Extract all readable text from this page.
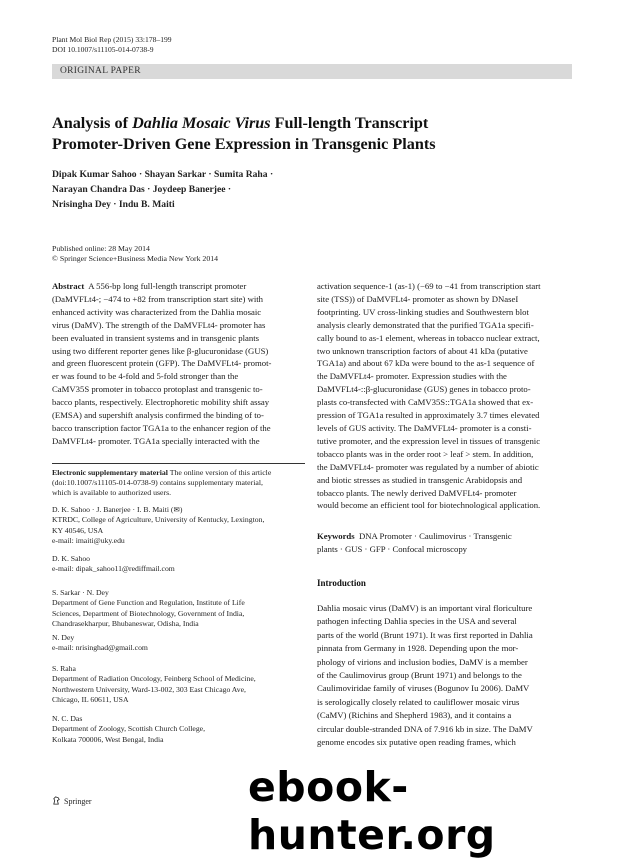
Plant Mol Biol Rep (2015) 33:178–199
DOI 10.1007/s11105-014-0738-9
ORIGINAL PAPER
Analysis of Dahlia Mosaic Virus Full-length Transcript
Promoter-Driven Gene Expression in Transgenic Plants
Dipak Kumar Sahoo · Shayan Sarkar · Sumita Raha ·
Narayan Chandra Das · Joydeep Banerjee ·
Nrisingha Dey · Indu B. Maiti
Published online: 28 May 2014
© Springer Science+Business Media New York 2014
Abstract A 556-bp long full-length transcript promoter
(DaMVFLt4-; −474 to +82 from transcription start site) with
enhanced activity was characterized from the Dahlia mosaic
virus (DaMV). The strength of the DaMVFLt4- promoter has
been evaluated in transient systems and in transgenic plants
using two different reporter genes like β-glucuronidase (GUS)
and green fluorescent protein (GFP). The DaMVFLt4- promot-
er was found to be 4-fold and 5-fold stronger than the
CaMV35S promoter in tobacco protoplast and transgenic to-
bacco plants, respectively. Electrophoretic mobility shift assay
(EMSA) and supershift analysis confirmed the binding of to-
bacco transcription factor TGA1a to the enhancer region of the
DaMVFLt4- promoter. TGA1a specially interacted with the
activation sequence-1 (as-1) (−69 to −41 from transcription start
site (TSS)) of DaMVFLt4- promoter as shown by DNaseI
footprinting. UV cross-linking studies and Southwestern blot
analysis clearly demonstrated that the purified TGA1a specifi-
cally bound to as-1 element, whereas in tobacco nuclear extract,
two unknown transcription factors of about 41 kDa (putative
TGA1a) and about 67 kDa were bound to the as-1 sequence of
the DaMVFLt4- promoter. Expression studies with the
DaMVFLt4-::β-glucuronidase (GUS) genes in tobacco proto-
plasts co-transfected with CaMV35S::TGA1a showed that ex-
pression of TGA1a resulted in approximately 3.7 times elevated
levels of GUS activity. The DaMVFLt4- promoter is a consti-
tutive promoter, and the expression level in tissues of transgenic
tobacco plants was in the order root > leaf > stem. In addition,
the DaMVFLt4- promoter was regulated by a number of abiotic
and biotic stresses as studied in transgenic Arabidopsis and
tobacco plants. The newly derived DaMVFLt4- promoter
would become an efficient tool for biotechnological application.
Keywords DNA Promoter · Caulimovirus · Transgenic
plants · GUS · GFP · Confocal microscopy
Electronic supplementary material The online version of this article
(doi:10.1007/s11105-014-0738-9) contains supplementary material,
which is available to authorized users.
D. K. Sahoo · J. Banerjee · I. B. Maiti (✉)
KTRDC, College of Agriculture, University of Kentucky, Lexington,
KY 40546, USA
e-mail: imaiti@uky.edu
D. K. Sahoo
e-mail: dipak_sahoo11@rediffmail.com
S. Sarkar · N. Dey
Department of Gene Function and Regulation, Institute of Life
Sciences, Department of Biotechnology, Government of India,
Chandrasekharpur, Bhubaneswar, Odisha, India
N. Dey
e-mail: nrisinghad@gmail.com
S. Raha
Department of Radiation Oncology, Feinberg School of Medicine,
Northwestern University, Ward-13-002, 303 East Chicago Ave,
Chicago, IL 60611, USA
N. C. Das
Department of Zoology, Scottish Church College,
Kolkata 700006, West Bengal, India
Introduction
Dahlia mosaic virus (DaMV) is an important viral floriculture
pathogen infecting Dahlia species in the USA and several
parts of the world (Brunt 1971). It was first reported in Dahlia
pinnata from Germany in 1928. Depending upon the mor-
phology of virions and inclusion bodies, DaMV is a member
of the Caulimovirus group (Brunt 1971) and belongs to the
Caulimoviridae family of viruses (Bogunov Iu 2006). DaMV
is serologically closely related to cauliflower mosaic virus
(CaMV) (Richins and Shepherd 1983), and it contains a
circular double-stranded DNA of 7.916 kb in size. The DaMV
genome encodes six putative open reading frames, which
Springer	ebook-hunter.org
